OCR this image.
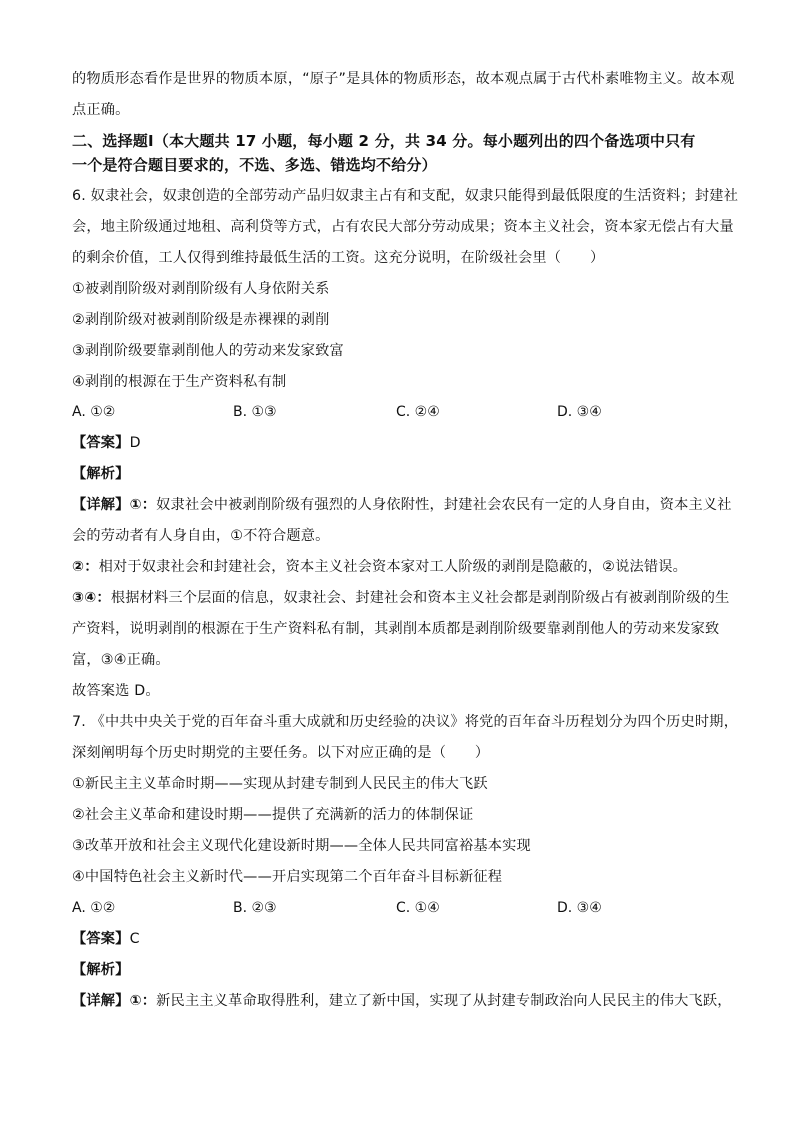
的物质形态看作是世界的物质本原，“原子”是具体的物质形态，故本观点属于古代朴素唯物主义。故本观
点正确。
二、选择题Ⅰ（本大题共 17 小题，每小题 2 分，共 34 分。每小题列出的四个备选项中只有
一个是符合题目要求的，不选、多选、错选均不给分）
6. 奴隶社会，奴隶创造的全部劳动产品归奴隶主占有和支配，奴隶只能得到最低限度的生活资料；封建社
会，地主阶级通过地租、高利贷等方式，占有农民大部分劳动成果；资本主义社会，资本家无偿占有大量
的剩余价值，工人仅得到维持最低生活的工资。这充分说明，在阶级社会里（　　）
①被剥削阶级对剥削阶级有人身依附关系
②剥削阶级对被剥削阶级是赤裸裸的剥削
③剥削阶级要靠剥削他人的劳动来发家致富
④剥削的根源在于生产资料私有制
A. ①②	B. ①③	C. ②④	D. ③④
【答案】D
【解析】
【详解】①：奴隶社会中被剥削阶级有强烈的人身依附性，封建社会农民有一定的人身自由，资本主义社
会的劳动者有人身自由，①不符合题意。
②：相对于奴隶社会和封建社会，资本主义社会资本家对工人阶级的剥削是隐蔽的，②说法错误。
③④：根据材料三个层面的信息，奴隶社会、封建社会和资本主义社会都是剥削阶级占有被剥削阶级的生
产资料，说明剥削的根源在于生产资料私有制，其剥削本质都是剥削阶级要靠剥削他人的劳动来发家致
富，③④正确。
故答案选 D。
7. 《中共中央关于党的百年奋斗重大成就和历史经验的决议》将党的百年奋斗历程划分为四个历史时期，
深刻阐明每个历史时期党的主要任务。以下对应正确的是（　　）
①新民主主义革命时期——实现从封建专制到人民民主的伟大飞跃
②社会主义革命和建设时期——提供了充满新的活力的体制保证
③改革开放和社会主义现代化建设新时期——全体人民共同富裕基本实现
④中国特色社会主义新时代——开启实现第二个百年奋斗目标新征程
A. ①②	B. ②③	C. ①④	D. ③④
【答案】C
【解析】
【详解】①：新民主主义革命取得胜利，建立了新中国，实现了从封建专制政治向人民民主的伟大飞跃，
